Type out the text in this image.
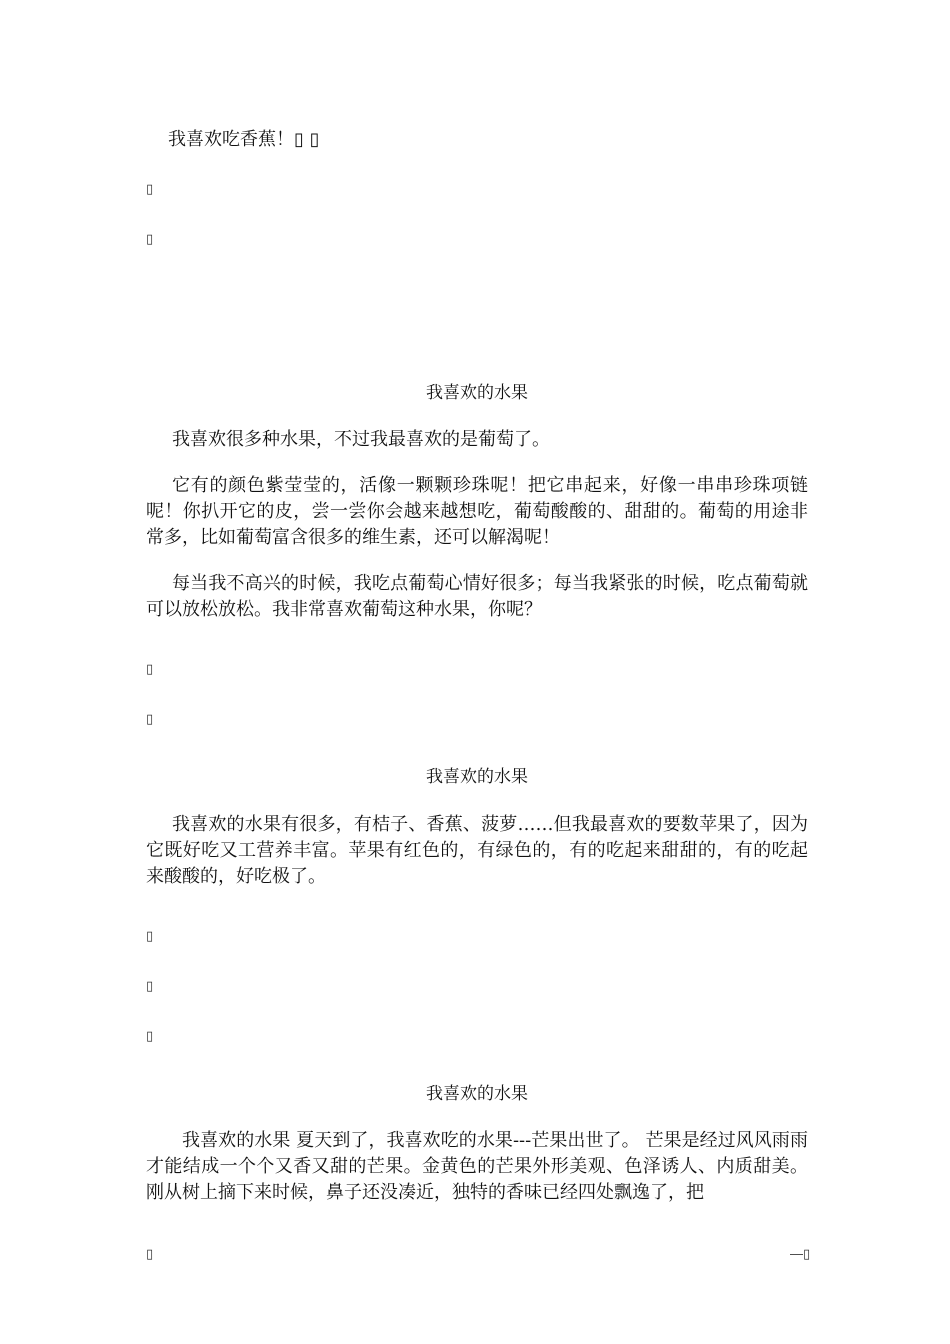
我喜欢吃香蕉！▯ ▯
▯
▯
我喜欢的水果
我喜欢很多种水果，不过我最喜欢的是葡萄了。
它有的颜色紫莹莹的，活像一颗颗珍珠呢！把它串起来，好像一串串珍珠项链呢！你扒开它的皮，尝一尝你会越来越想吃，葡萄酸酸的、甜甜的。葡萄的用途非常多，比如葡萄富含很多的维生素，还可以解渴呢！
每当我不高兴的时候，我吃点葡萄心情好很多；每当我紧张的时候，吃点葡萄就可以放松放松。我非常喜欢葡萄这种水果，你呢？
▯
▯
我喜欢的水果
我喜欢的水果有很多，有桔子、香蕉、菠萝……但我最喜欢的要数苹果了，因为它既好吃又工营养丰富。苹果有红色的，有绿色的，有的吃起来甜甜的，有的吃起来酸酸的，好吃极了。
▯
▯
▯
我喜欢的水果
我喜欢的水果 夏天到了，我喜欢吃的水果---芒果出世了。 芒果是经过风风雨雨才能结成一个个又香又甜的芒果。金黄色的芒果外形美观、色泽诱人、内质甜美。刚从树上摘下来时候，鼻子还没凑近，独特的香味已经四处飘逸了，把
▯	―▯
